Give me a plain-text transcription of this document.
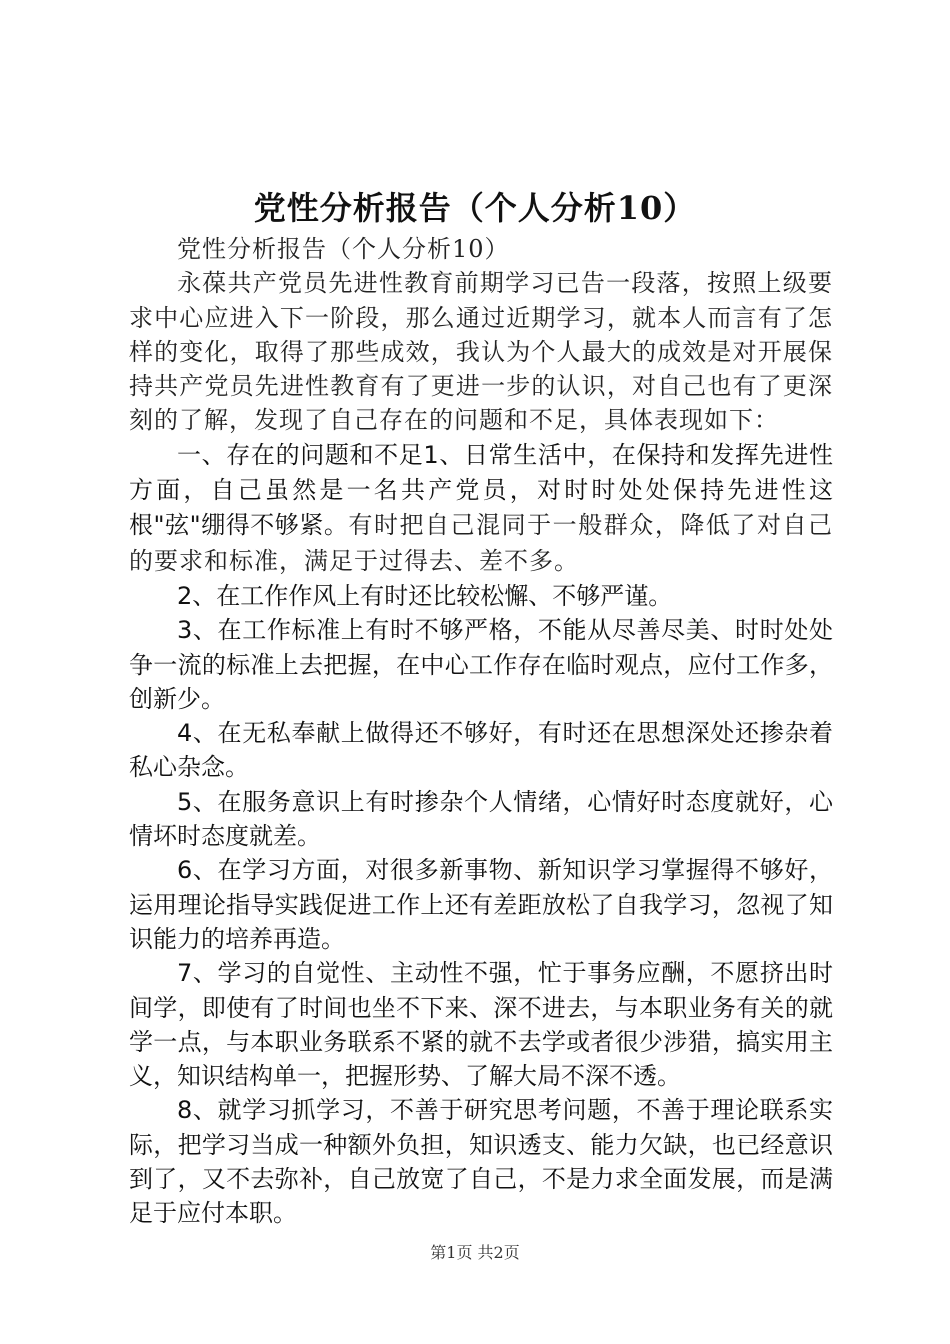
党性分析报告（个人分析10）

党性分析报告（个人分析10）

永葆共产党员先进性教育前期学习已告一段落，按照上级要求中心应进入下一阶段，那么通过近期学习，就本人而言有了怎样的变化，取得了那些成效，我认为个人最大的成效是对开展保持共产党员先进性教育有了更进一步的认识，对自己也有了更深刻的了解，发现了自己存在的问题和不足，具体表现如下：

一、存在的问题和不足1、日常生活中，在保持和发挥先进性方面，自己虽然是一名共产党员，对时时处处保持先进性这根"弦"绷得不够紧。有时把自己混同于一般群众，降低了对自己的要求和标准，满足于过得去、差不多。

2、在工作作风上有时还比较松懈、不够严谨。

3、在工作标准上有时不够严格，不能从尽善尽美、时时处处争一流的标准上去把握，在中心工作存在临时观点，应付工作多，创新少。

4、在无私奉献上做得还不够好，有时还在思想深处还掺杂着私心杂念。

5、在服务意识上有时掺杂个人情绪，心情好时态度就好，心情坏时态度就差。

6、在学习方面，对很多新事物、新知识学习掌握得不够好，运用理论指导实践促进工作上还有差距放松了自我学习，忽视了知识能力的培养再造。

7、学习的自觉性、主动性不强，忙于事务应酬，不愿挤出时间学，即使有了时间也坐不下来、深不进去，与本职业务有关的就学一点，与本职业务联系不紧的就不去学或者很少涉猎，搞实用主义，知识结构单一，把握形势、了解大局不深不透。

8、就学习抓学习，不善于研究思考问题，不善于理论联系实际，把学习当成一种额外负担，知识透支、能力欠缺，也已经意识到了，又不去弥补，自己放宽了自己，不是力求全面发展，而是满足于应付本职。

第1页 共2页
